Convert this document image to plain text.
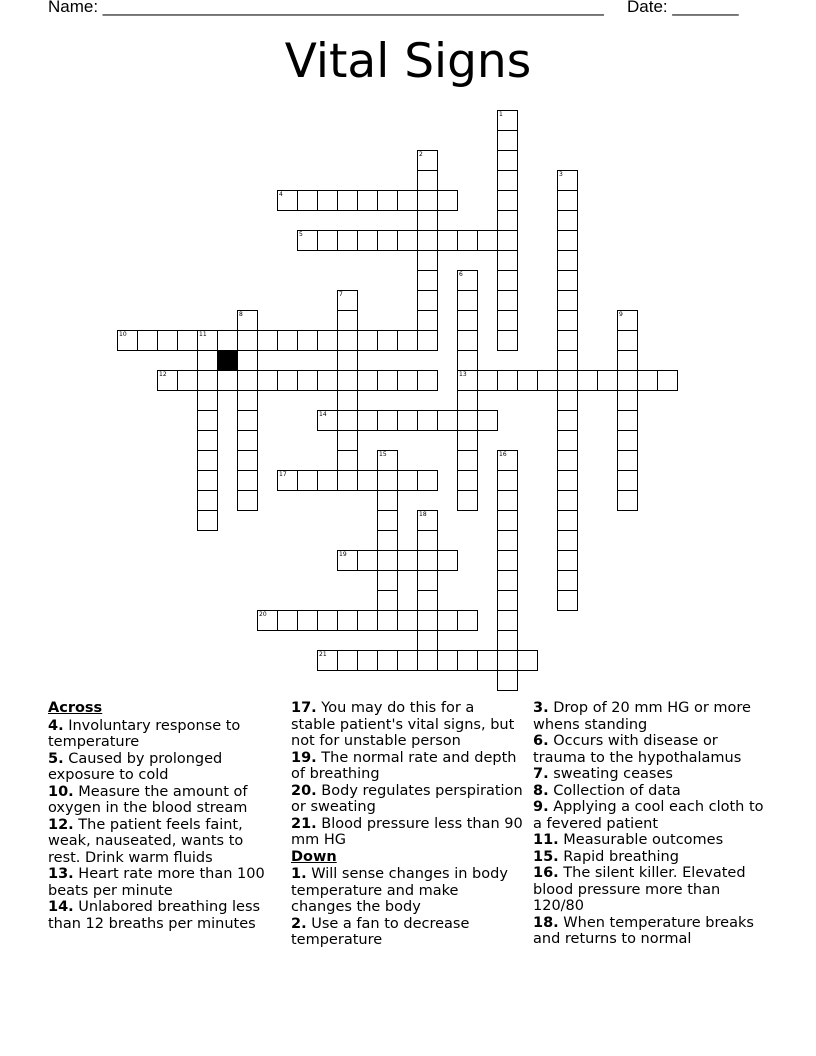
Name: _____________________________________________________ Date: _______
Vital Signs
1
2
3
4
5
6
13
7
8	9
10	11
12
14
15	16
17
18
19
20
21
Across
4. Involuntary response to temperature
5. Caused by prolonged exposure to cold
10. Measure the amount of oxygen in the blood stream
12. The patient feels faint, weak, nauseated, wants to rest. Drink warm fluids
13. Heart rate more than 100 beats per minute
14. Unlabored breathing less than 12 breaths per minutes
17. You may do this for a stable patient's vital signs, but not for unstable person
19. The normal rate and depth of breathing
20. Body regulates perspiration or sweating
21. Blood pressure less than 90 mm HG
Down
1. Will sense changes in body temperature and make changes the body
2. Use a fan to decrease temperature
3. Drop of 20 mm HG or more whens standing
6. Occurs with disease or trauma to the hypothalamus
7. sweating ceases
8. Collection of data
9. Applying a cool each cloth to a fevered patient
11. Measurable outcomes
15. Rapid breathing
16. The silent killer. Elevated blood pressure more than 120/80
18. When temperature breaks and returns to normal
